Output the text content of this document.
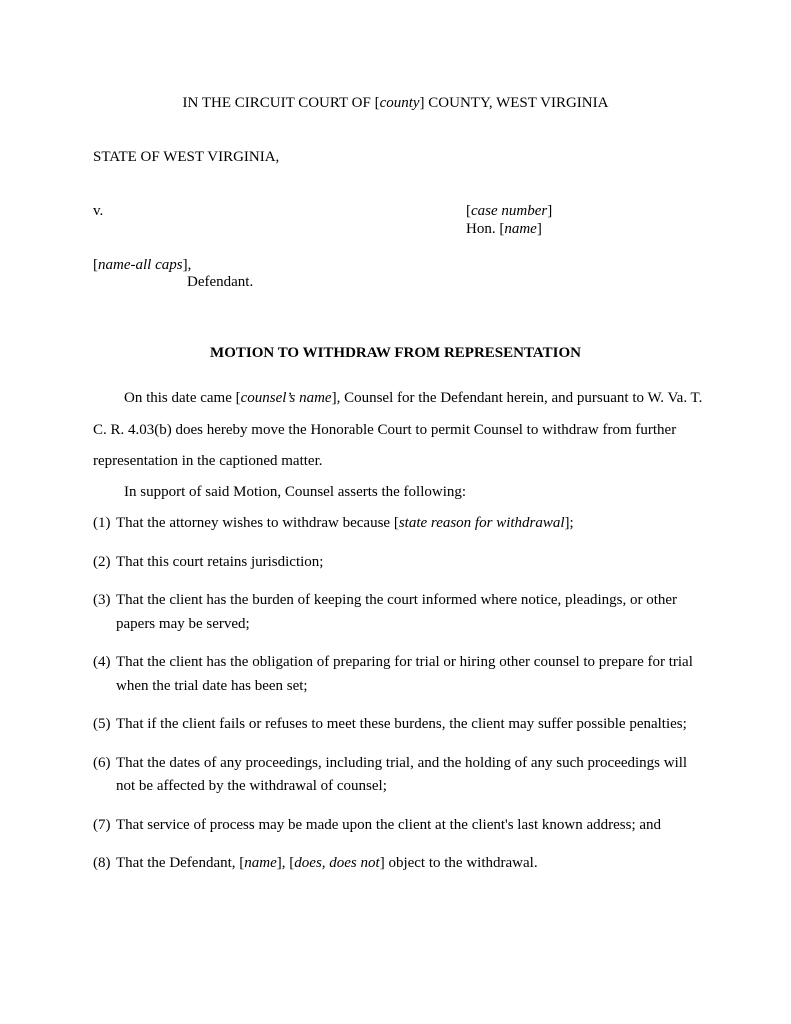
IN THE CIRCUIT COURT OF [county] COUNTY, WEST VIRGINIA
STATE OF WEST VIRGINIA,
v.	[case number]
Hon. [name]
[name-all caps],
Defendant.
MOTION TO WITHDRAW FROM REPRESENTATION

On this date came [counsel’s name], Counsel for the Defendant herein, and pursuant to W. Va. T. C. R. 4.03(b) does hereby move the Honorable Court to permit Counsel to withdraw from further representation in the captioned matter.

In support of said Motion, Counsel asserts the following:

(1) That the attorney wishes to withdraw because [state reason for withdrawal];
(2) That this court retains jurisdiction;
(3) That the client has the burden of keeping the court informed where notice, pleadings, or other papers may be served;
(4) That the client has the obligation of preparing for trial or hiring other counsel to prepare for trial when the trial date has been set;
(5) That if the client fails or refuses to meet these burdens, the client may suffer possible penalties;
(6) That the dates of any proceedings, including trial, and the holding of any such proceedings will not be affected by the withdrawal of counsel;
(7) That service of process may be made upon the client at the client's last known address; and
(8) That the Defendant, [name], [does, does not] object to the withdrawal.
